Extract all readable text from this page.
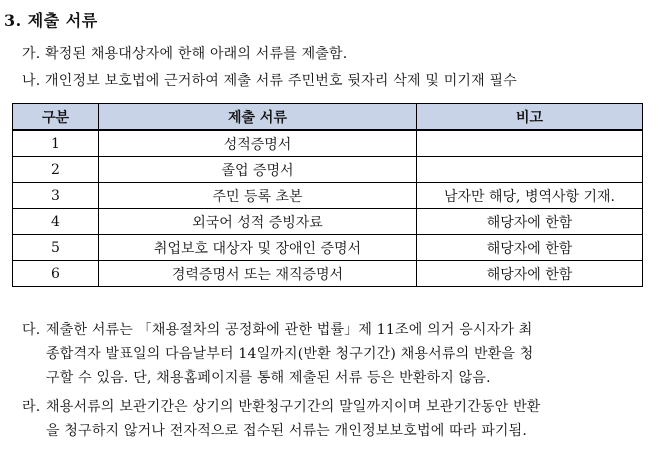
3. 제출 서류
가. 확정된 채용대상자에 한해 아래의 서류를 제출함.
나. 개인정보 보호법에 근거하여 제출 서류 주민번호 뒷자리 삭제 및 미기재 필수
구분	제출 서류	비고
1	성적증명서	
2	졸업 증명서	
3	주민 등록 초본	남자만 해당, 병역사항 기재.
4	외국어 성적 증빙자료	해당자에 한함
5	취업보호 대상자 및 장애인 증명서	해당자에 한함
6	경력증명서 또는 재직증명서	해당자에 한함
다. 제출한 서류는 「채용절차의 공정화에 관한 법률」제 11조에 의거 응시자가 최
종합격자 발표일의 다음날부터 14일까지(반환 청구기간) 채용서류의 반환을 청
구할 수 있음. 단, 채용홈페이지를 통해 제출된 서류 등은 반환하지 않음.
라. 채용서류의 보관기간은 상기의 반환청구기간의 말일까지이며 보관기간동안 반환
을 청구하지 않거나 전자적으로 접수된 서류는 개인정보보호법에 따라 파기됨.
